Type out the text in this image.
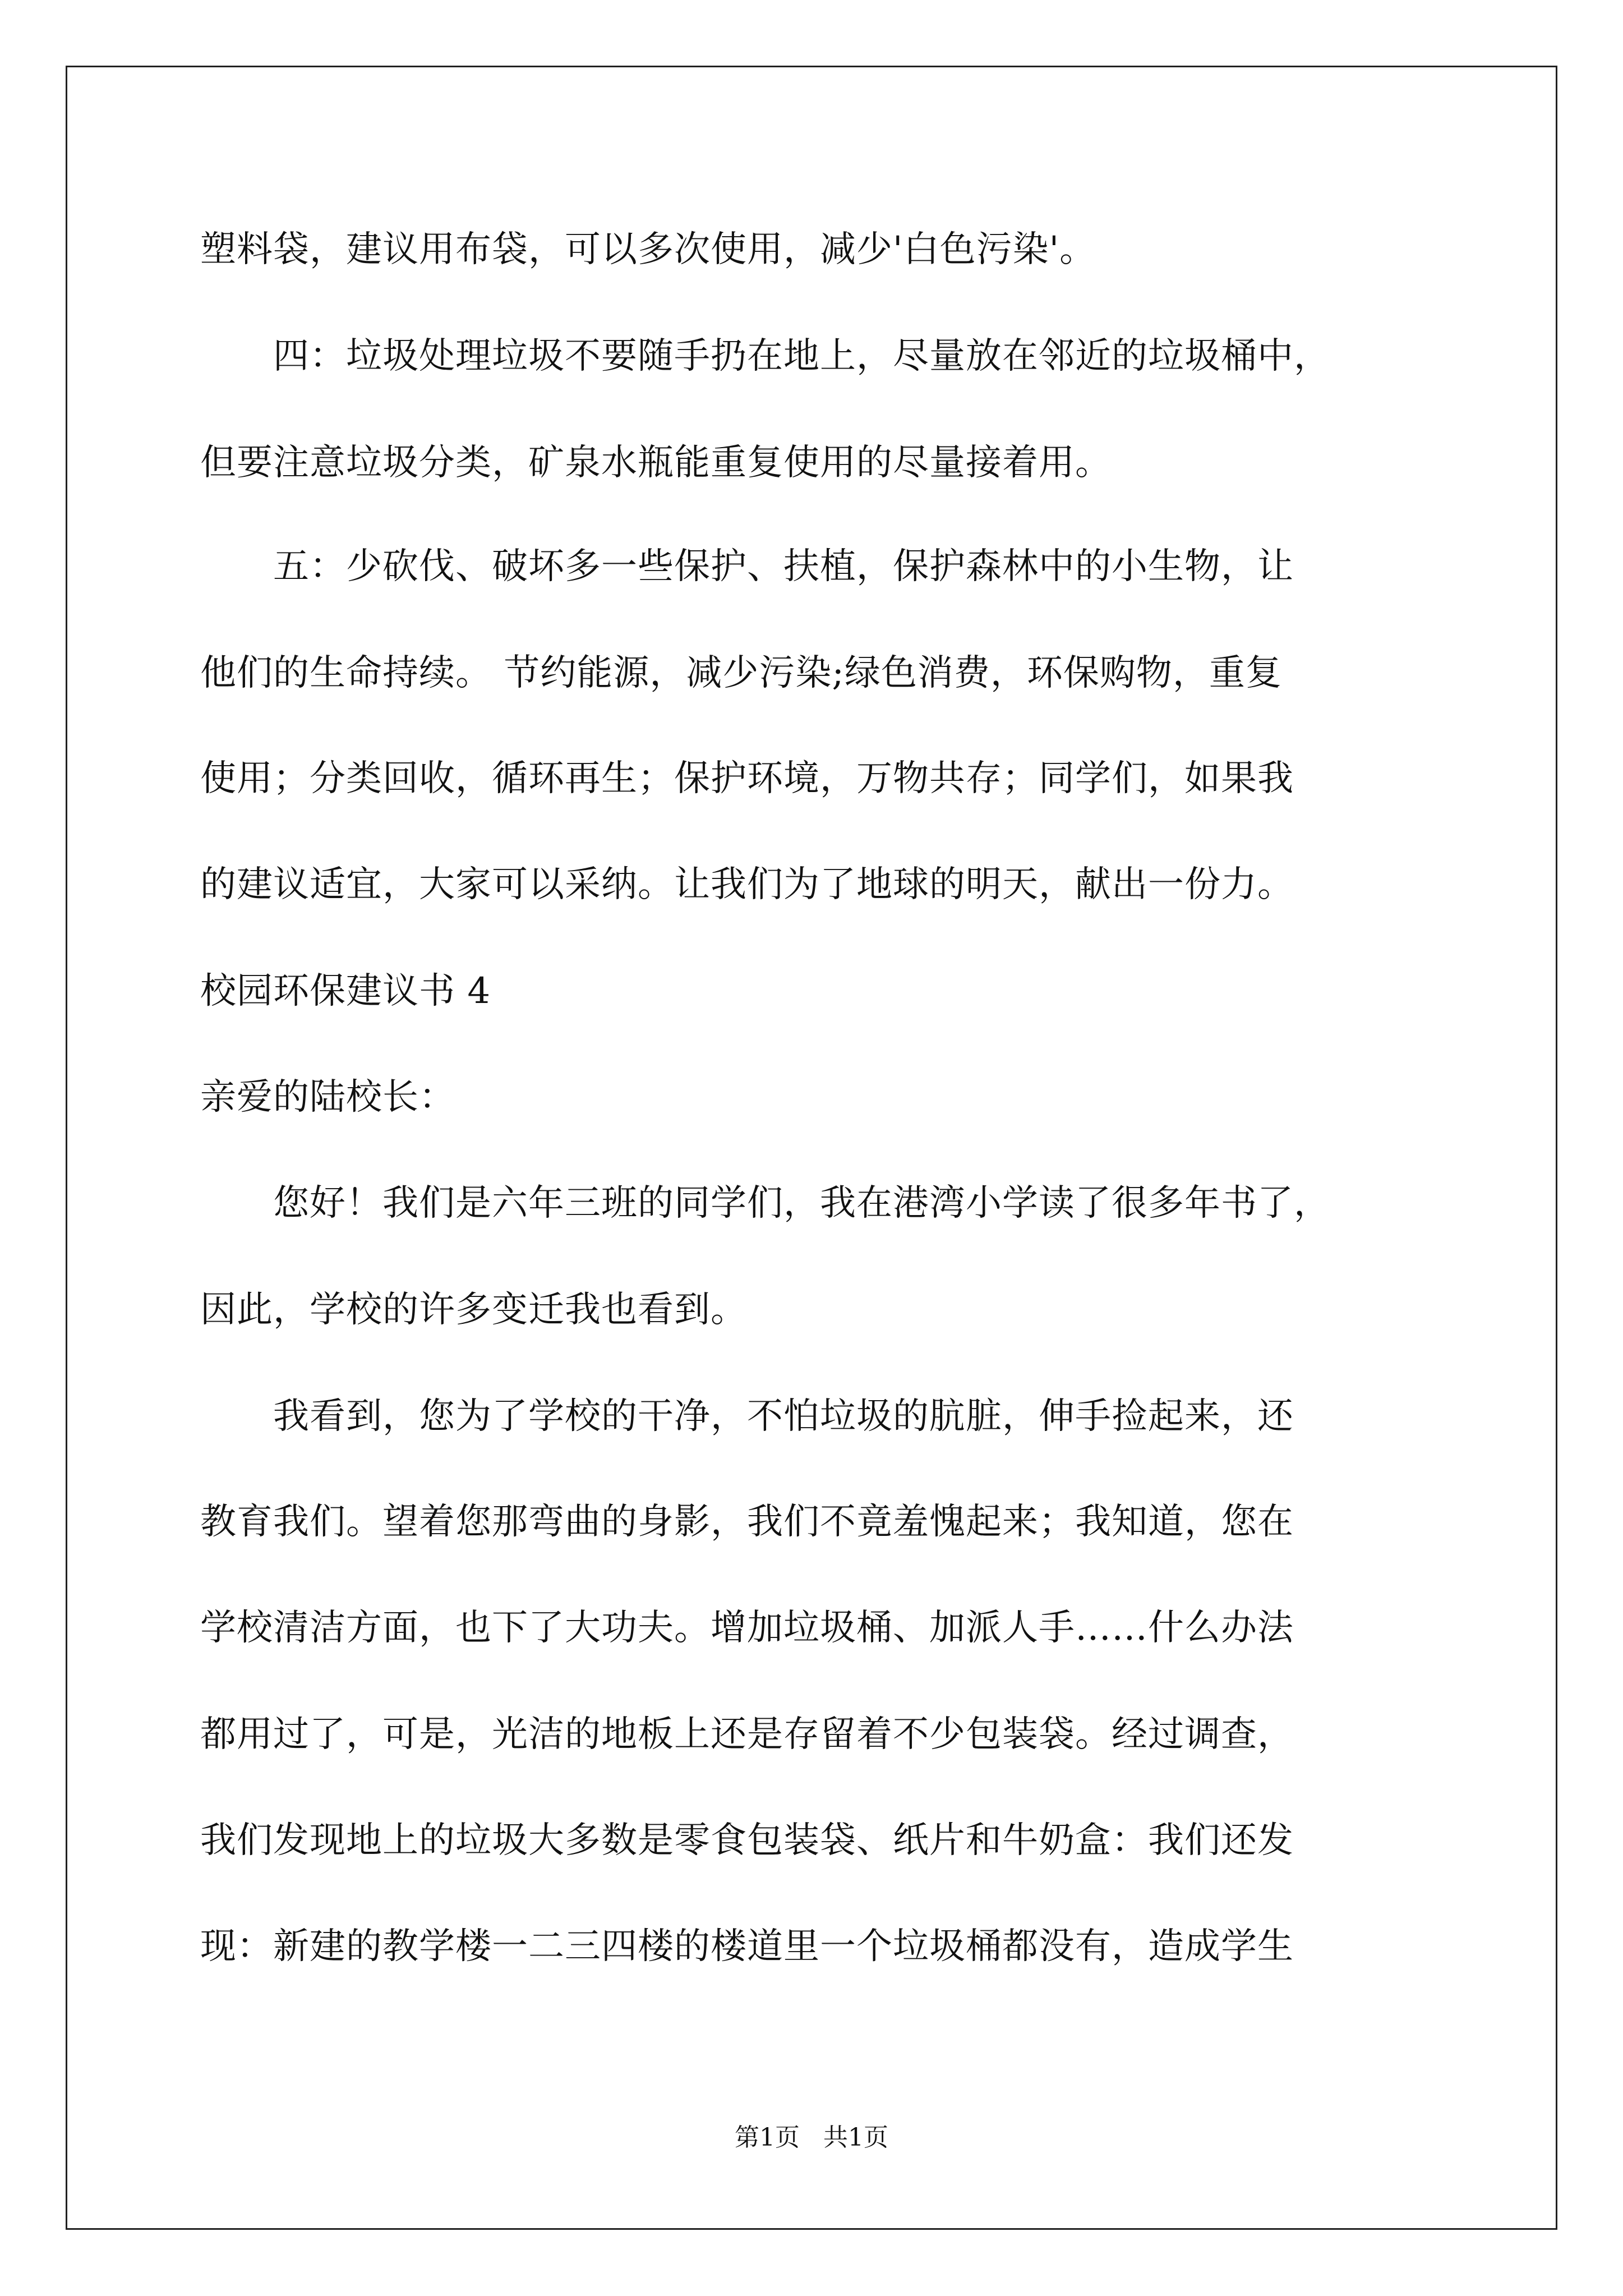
塑料袋，建议用布袋，可以多次使用，减少'白色污染'。
　　四：垃圾处理垃圾不要随手扔在地上，尽量放在邻近的垃圾桶中，
但要注意垃圾分类，矿泉水瓶能重复使用的尽量接着用。
　　五：少砍伐、破坏多一些保护、扶植，保护森林中的小生物，让
他们的生命持续。 节约能源，减少污染;绿色消费，环保购物，重复
使用；分类回收，循环再生；保护环境，万物共存；同学们，如果我
的建议适宜，大家可以采纳。让我们为了地球的明天，献出一份力。
校园环保建议书 4
亲爱的陆校长：
　　您好！我们是六年三班的同学们，我在港湾小学读了很多年书了，
因此，学校的许多变迁我也看到。
　　我看到，您为了学校的干净，不怕垃圾的肮脏，伸手捡起来，还
教育我们。望着您那弯曲的身影，我们不竟羞愧起来；我知道，您在
学校清洁方面，也下了大功夫。增加垃圾桶、加派人手……什么办法
都用过了，可是，光洁的地板上还是存留着不少包装袋。经过调查，
我们发现地上的垃圾大多数是零食包装袋、纸片和牛奶盒：我们还发
现：新建的教学楼一二三四楼的楼道里一个垃圾桶都没有，造成学生
第1页   共1页
